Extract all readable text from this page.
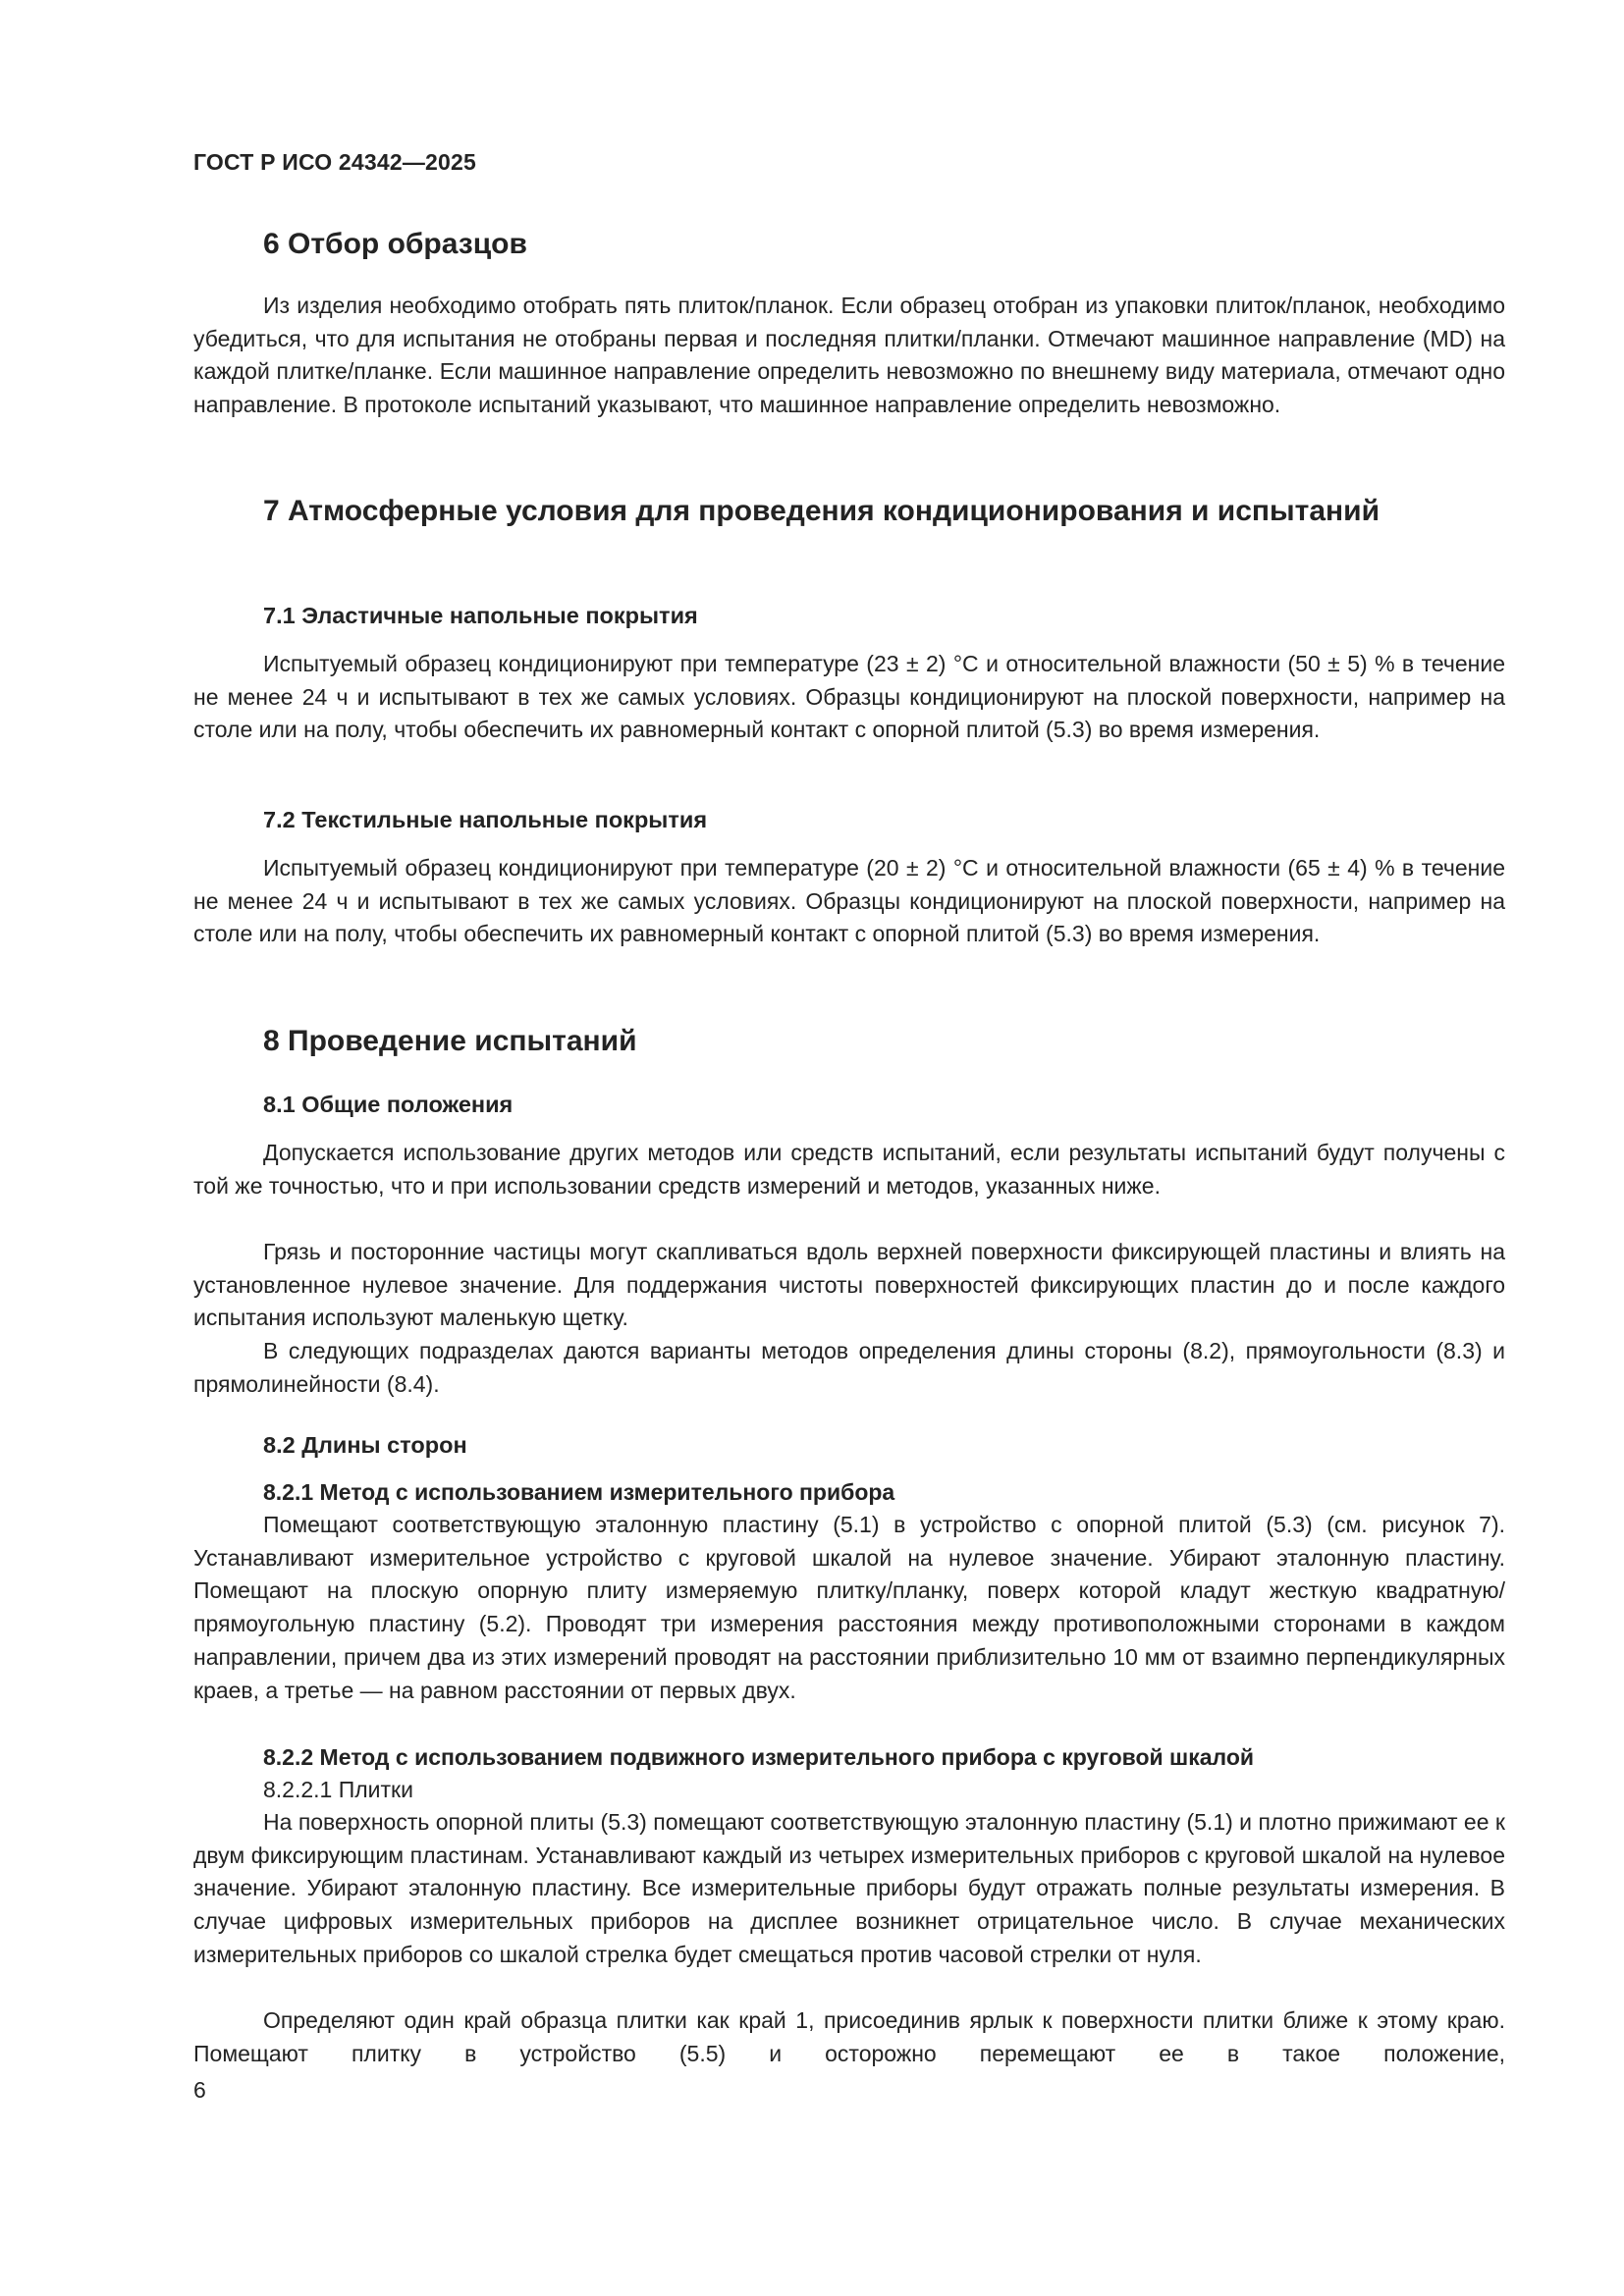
ГОСТ Р ИСО 24342—2025
6 Отбор образцов
Из изделия необходимо отобрать пять плиток/планок. Если образец отобран из упаковки плиток/планок, необходимо убедиться, что для испытания не отобраны первая и последняя плитки/планки. Отмечают машинное направление (MD) на каждой плитке/планке. Если машинное направление определить невозможно по внешнему виду материала, отмечают одно направление. В протоколе испытаний указывают, что машинное направление определить невозможно.
7 Атмосферные условия для проведения кондиционирования и испытаний
7.1 Эластичные напольные покрытия
Испытуемый образец кондиционируют при температуре (23 ± 2) °C и относительной влажности (50 ± 5) % в течение не менее 24 ч и испытывают в тех же самых условиях. Образцы кондиционируют на плоской поверхности, например на столе или на полу, чтобы обеспечить их равномерный контакт с опорной плитой (5.3) во время измерения.
7.2 Текстильные напольные покрытия
Испытуемый образец кондиционируют при температуре (20 ± 2) °C и относительной влажности (65 ± 4) % в течение не менее 24 ч и испытывают в тех же самых условиях. Образцы кондиционируют на плоской поверхности, например на столе или на полу, чтобы обеспечить их равномерный контакт с опорной плитой (5.3) во время измерения.
8 Проведение испытаний
8.1 Общие положения
Допускается использование других методов или средств испытаний, если результаты испытаний будут получены с той же точностью, что и при использовании средств измерений и методов, указанных ниже.
Грязь и посторонние частицы могут скапливаться вдоль верхней поверхности фиксирующей пластины и влиять на установленное нулевое значение. Для поддержания чистоты поверхностей фиксирующих пластин до и после каждого испытания используют маленькую щетку.
В следующих подразделах даются варианты методов определения длины стороны (8.2), прямоугольности (8.3) и прямолинейности (8.4).
8.2 Длины сторон
8.2.1 Метод с использованием измерительного прибора
Помещают соответствующую эталонную пластину (5.1) в устройство с опорной плитой (5.3) (см. рисунок 7). Устанавливают измерительное устройство с круговой шкалой на нулевое значение. Убирают эталонную пластину. Помещают на плоскую опорную плиту измеряемую плитку/планку, поверх которой кладут жесткую квадратную/прямоугольную пластину (5.2). Проводят три измерения расстояния между противоположными сторонами в каждом направлении, причем два из этих измерений проводят на расстоянии приблизительно 10 мм от взаимно перпендикулярных краев, а третье — на равном расстоянии от первых двух.
8.2.2 Метод с использованием подвижного измерительного прибора с круговой шкалой
8.2.2.1 Плитки
На поверхность опорной плиты (5.3) помещают соответствующую эталонную пластину (5.1) и плотно прижимают ее к двум фиксирующим пластинам. Устанавливают каждый из четырех измерительных приборов с круговой шкалой на нулевое значение. Убирают эталонную пластину. Все измерительные приборы будут отражать полные результаты измерения. В случае цифровых измерительных приборов на дисплее возникнет отрицательное число. В случае механических измерительных приборов со шкалой стрелка будет смещаться против часовой стрелки от нуля.
Определяют один край образца плитки как край 1, присоединив ярлык к поверхности плитки ближе к этому краю. Помещают плитку в устройство (5.5) и осторожно перемещают ее в такое положение,
6
